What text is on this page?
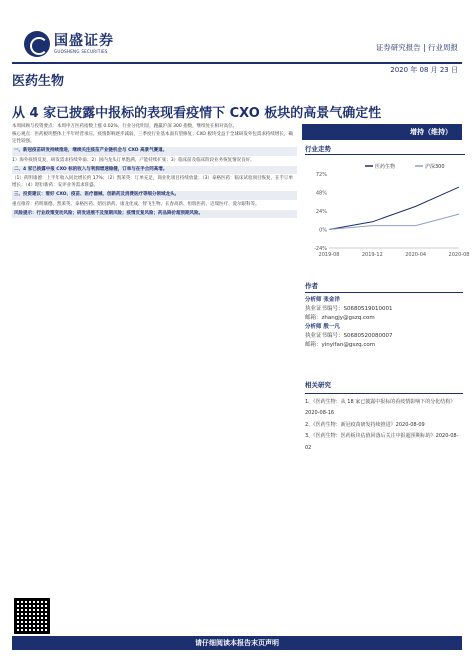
国盛证券
GUOSHENG SECURITIES	证券研究报告 | 行业周报
2020 年 08 月 23 日
医药生物
从 4 家已披露中报标的表现看疫情下 CXO 板块的高景气确定性
增持（维持）

本周回顾与投资要点：本周申万医药指数上涨 0.02%，行业分化明显，跑赢沪深 300 指数，继续处在相对高位。

核心观点：医药板块整体上半年经营承压，疫情影响逐步减弱，三季度行业基本面有望修复；CXO 板块受益于全球研发外包需求持续增长，确定性较强。

一、新冠疫苗研发持续推进，继续关注疫苗产业链机会与 CXO 高景气赛道。

1）海外疫情反复，研发需求持续外溢；2）国内龙头订单饱满，产能持续扩张；3）临床前及临床阶段业务恢复情况良好。

二、4 家已披露中报 CXO 标的收入与利润增速稳健，订单与在手合同高增。

（1）药明康德：上半年收入同比增长约 17%；（2）凯莱英：订单充足，商业化项目持续放量；（3）泰格医药：临床试验项目恢复，在手订单增长；（4）昭衍新药：安评业务需求旺盛。

三、投资建议：看好 CXO、疫苗、医疗器械、创新药及消费医疗等细分领域龙头。

重点推荐：药明康德、凯莱英、泰格医药、昭衍新药、康龙化成、智飞生物、长春高新、恒瑞医药、迈瑞医疗、爱尔眼科等。

风险提示：行业政策变动风险；研发进展不及预期风险；疫情反复风险；药品降价超预期风险。

行业走势
-24%
0%
24%
48%
72%
2019-08	2019-12	2020-04	2020-08
医药生物	沪深300
作者
分析师 张金洋
执业证书编号：S0680519010001
邮箱：zhangjy@gszq.com
分析师 殷一凡
执业证书编号：S0680520080007
邮箱：yinyifan@gszq.com
相关研究
1、《医药生物：从 18 家已披露中报标的看疫情影响下的分化结构》2020-08-16
2、《医药生物：新冠疫苗研发持续推进》2020-08-09
3、《医药生物：医药板块估值回落后关注中报超预期标的》2020-08-02
请仔细阅读本报告末页声明
